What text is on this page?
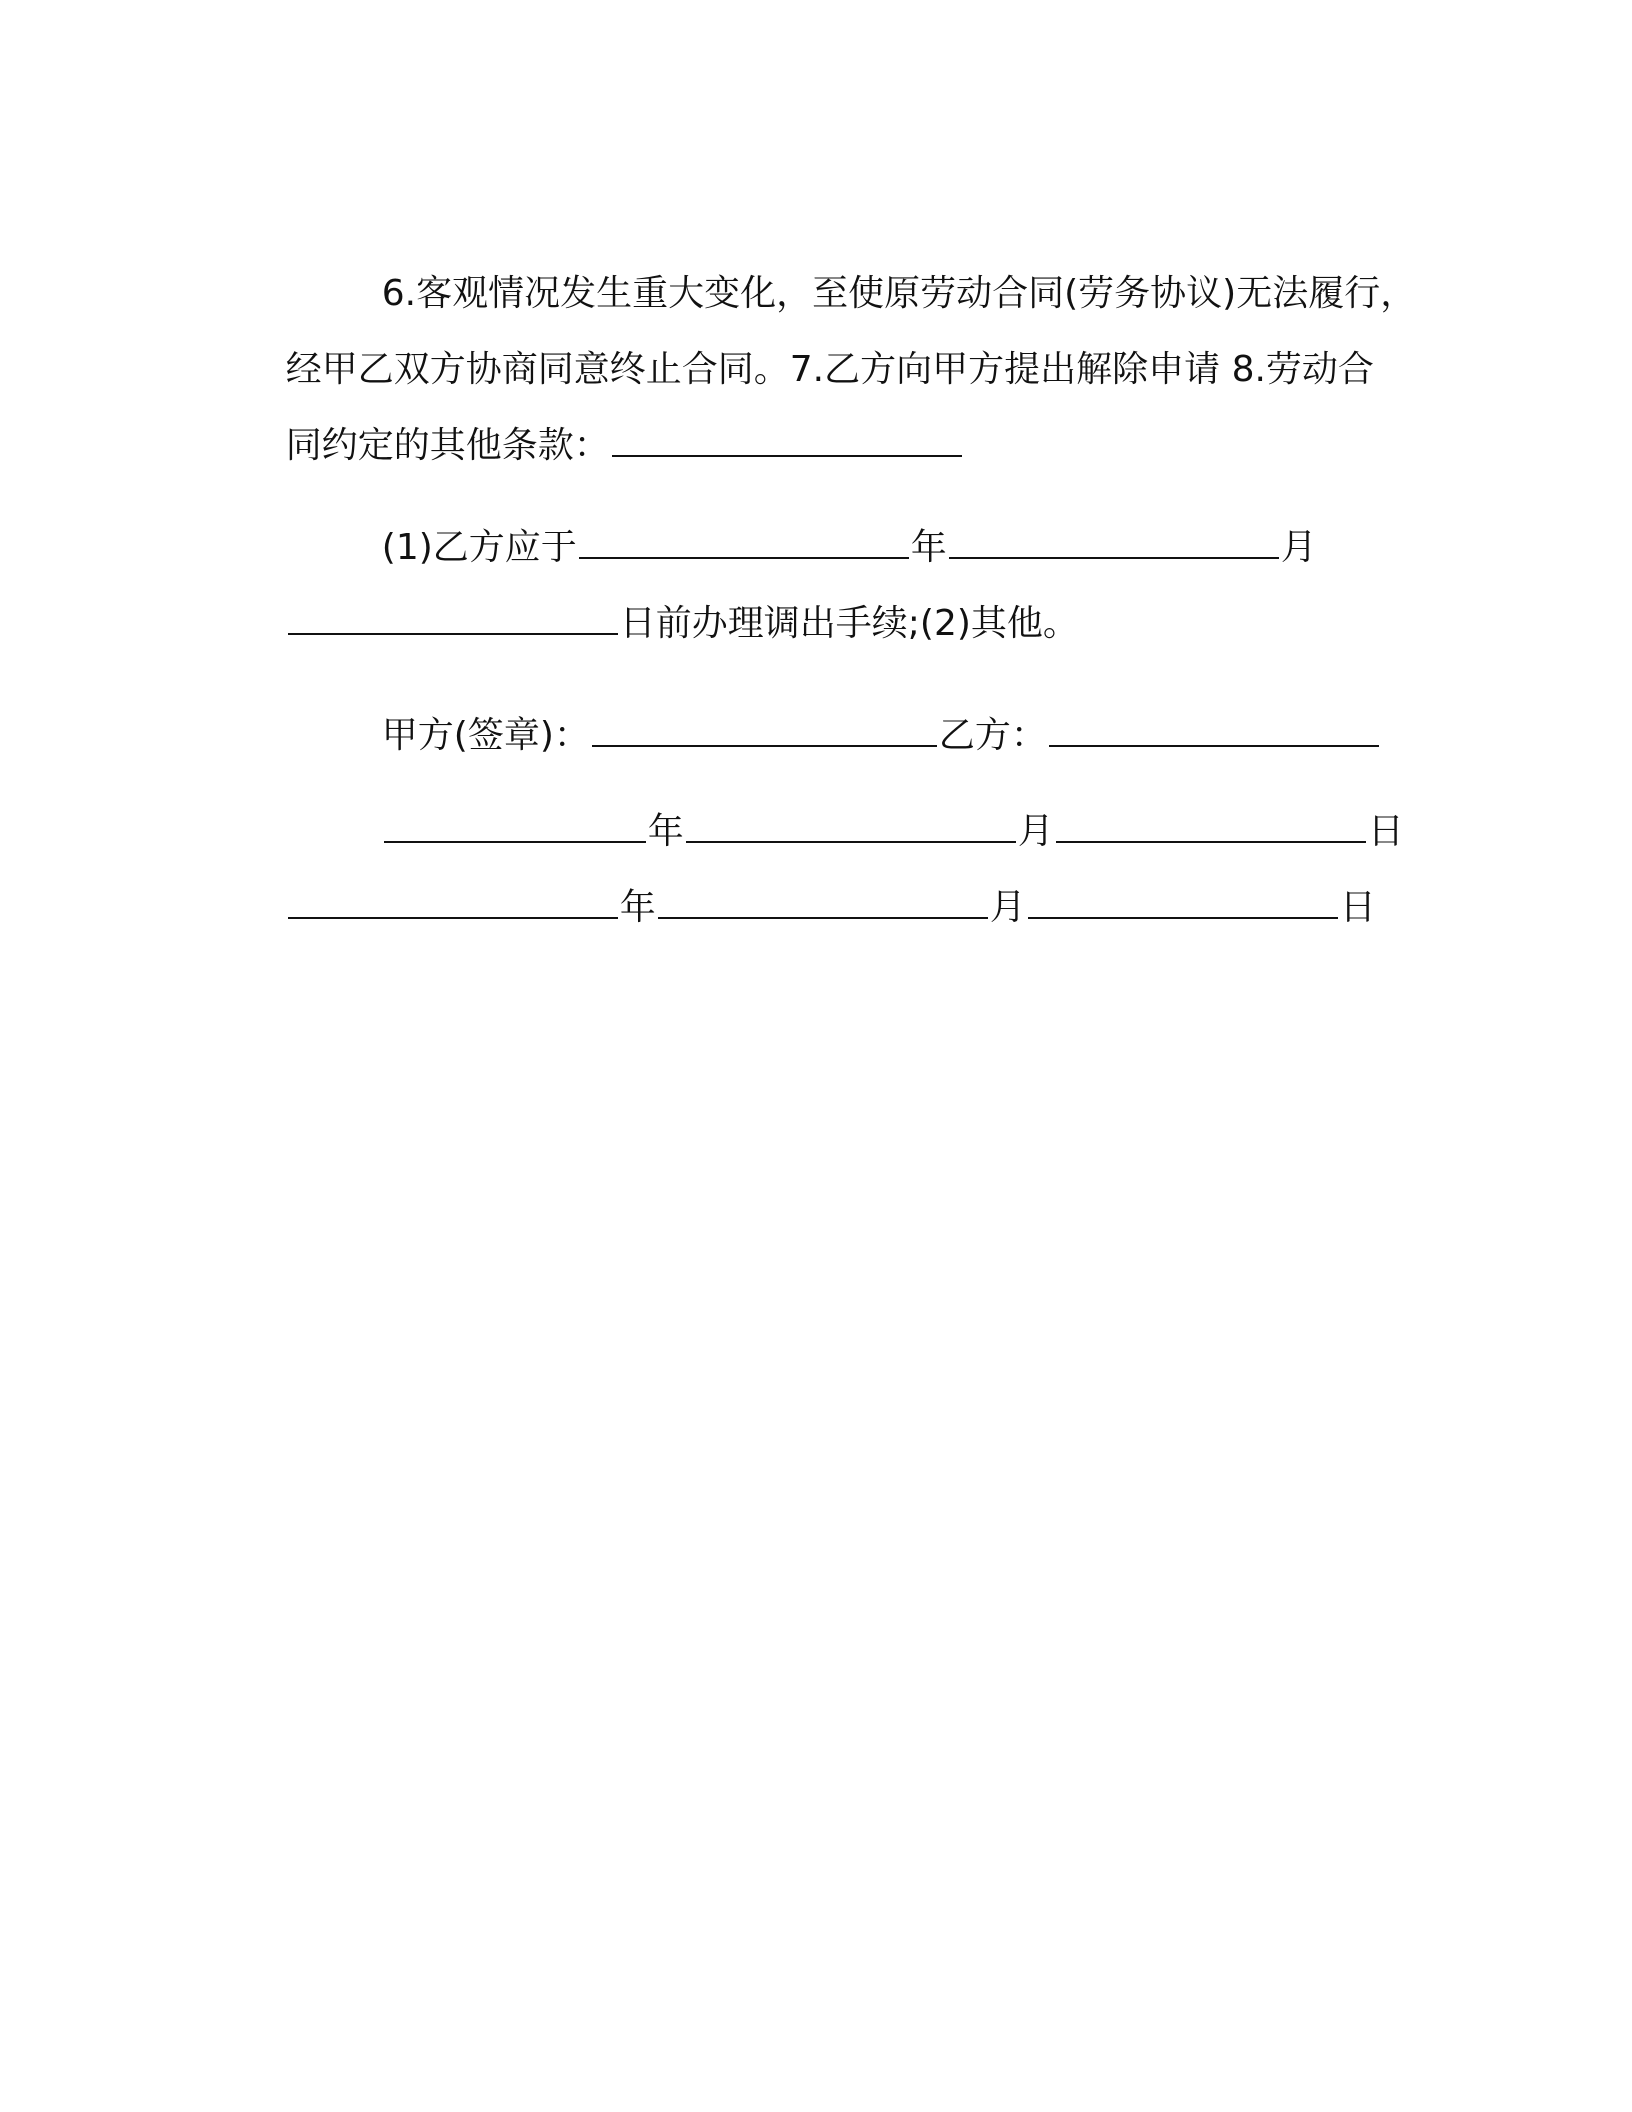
6.客观情况发生重大变化，至使原劳动合同(劳务协议)无法履行，

经甲乙双方协商同意终止合同。7.乙方向甲方提出解除申请 8.劳动合

同约定的其他条款：

(1)乙方应于	年	月

日前办理调出手续;(2)其他。

甲方(签章)：	乙方：

年	月	日

年	月	日
